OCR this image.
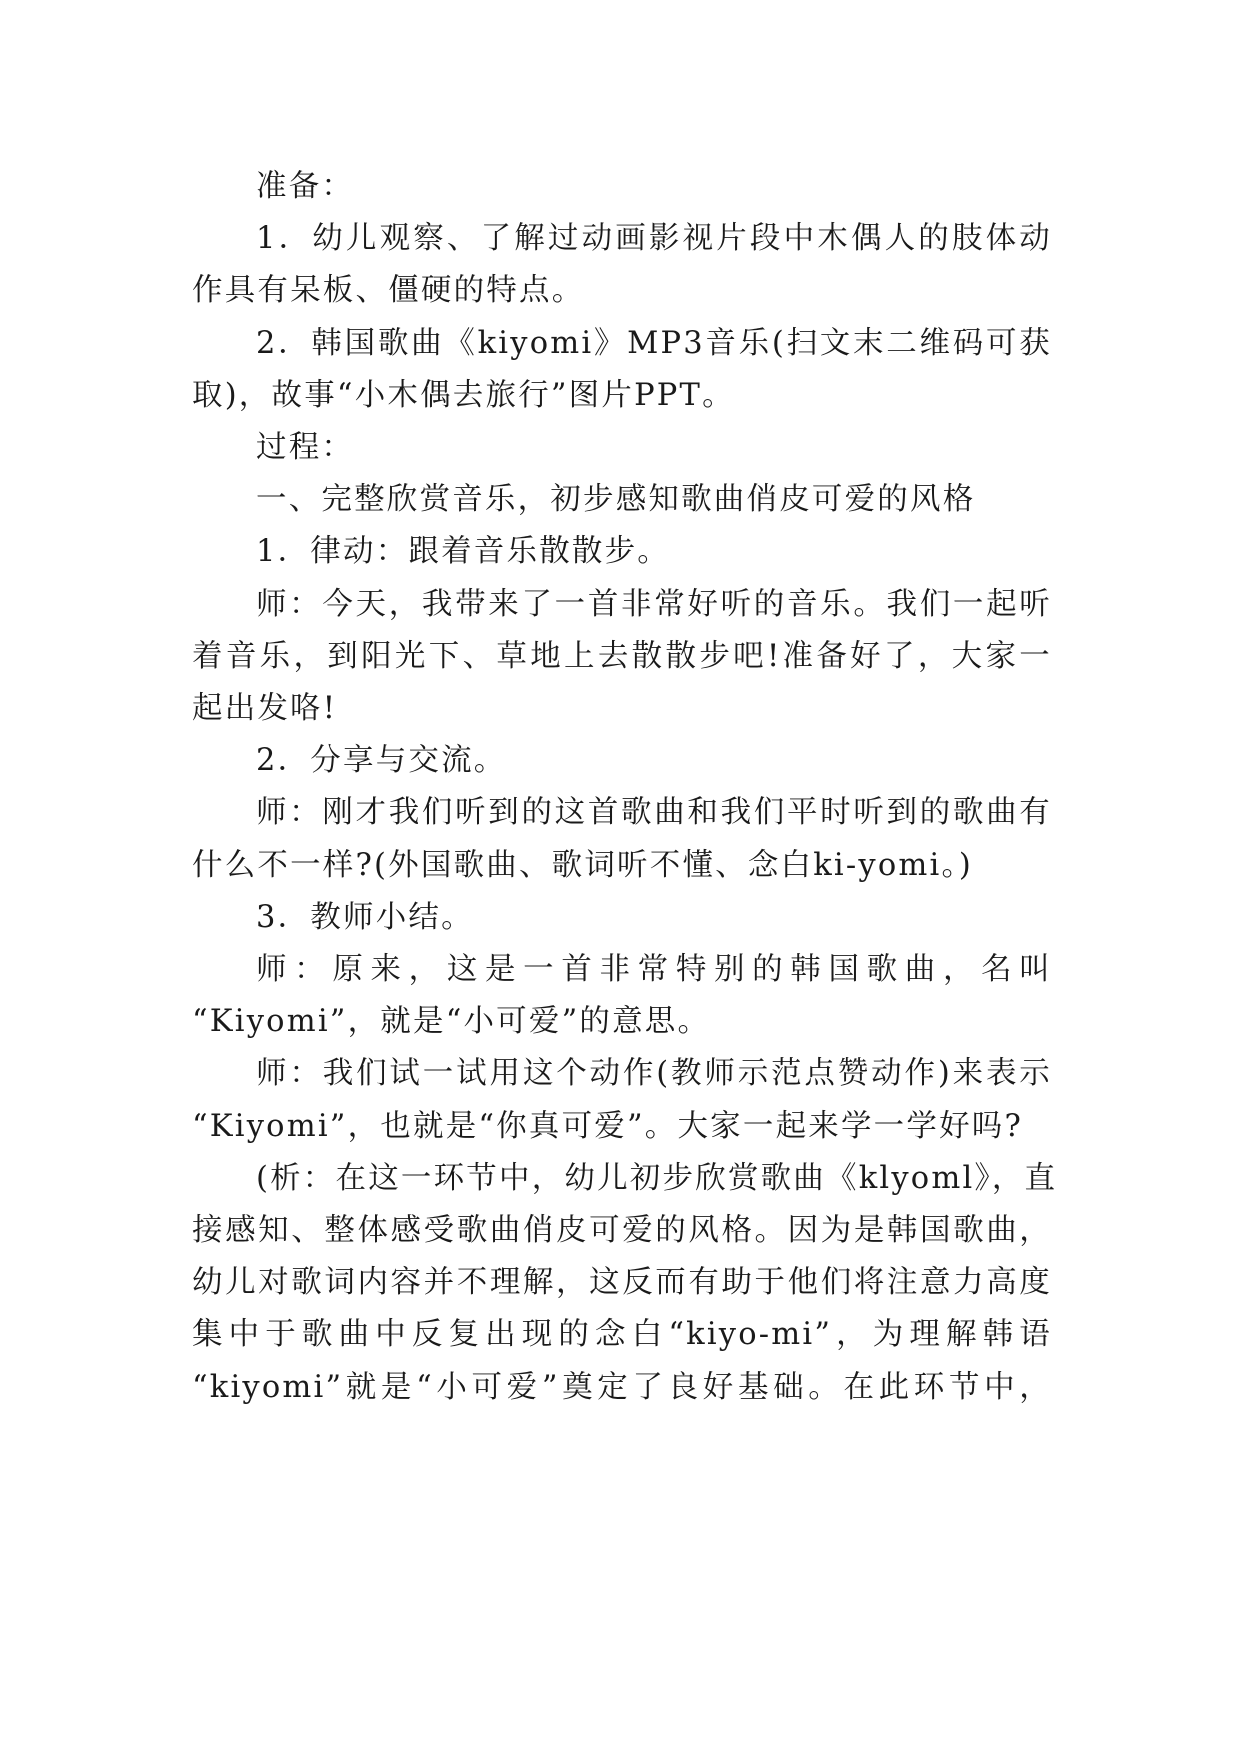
准备：
1．幼儿观察、了解过动画影视片段中木偶人的肢体动
作具有呆板、僵硬的特点。
2．韩国歌曲《kiyomi》MP3音乐(扫文末二维码可获
取)，故事“小木偶去旅行”图片PPT。
过程：
一、完整欣赏音乐，初步感知歌曲俏皮可爱的风格
1．律动：跟着音乐散散步。
师：今天，我带来了一首非常好听的音乐。我们一起听
着音乐，到阳光下、草地上去散散步吧!准备好了，大家一
起出发咯!
2．分享与交流。
师：刚才我们听到的这首歌曲和我们平时听到的歌曲有
什么不一样?(外国歌曲、歌词听不懂、念白ki-yomi。)
3．教师小结。
师：原来，这是一首非常特别的韩国歌曲，名叫
“Kiyomi”，就是“小可爱”的意思。
师：我们试一试用这个动作(教师示范点赞动作)来表示
“Kiyomi”，也就是“你真可爱”。大家一起来学一学好吗?
(析：在这一环节中，幼儿初步欣赏歌曲《klyoml》，直
接感知、整体感受歌曲俏皮可爱的风格。因为是韩国歌曲，
幼儿对歌词内容并不理解，这反而有助于他们将注意力高度
集中于歌曲中反复出现的念白“kiyo-mi”，为理解韩语
“kiyomi”就是“小可爱”奠定了良好基础。在此环节中，
